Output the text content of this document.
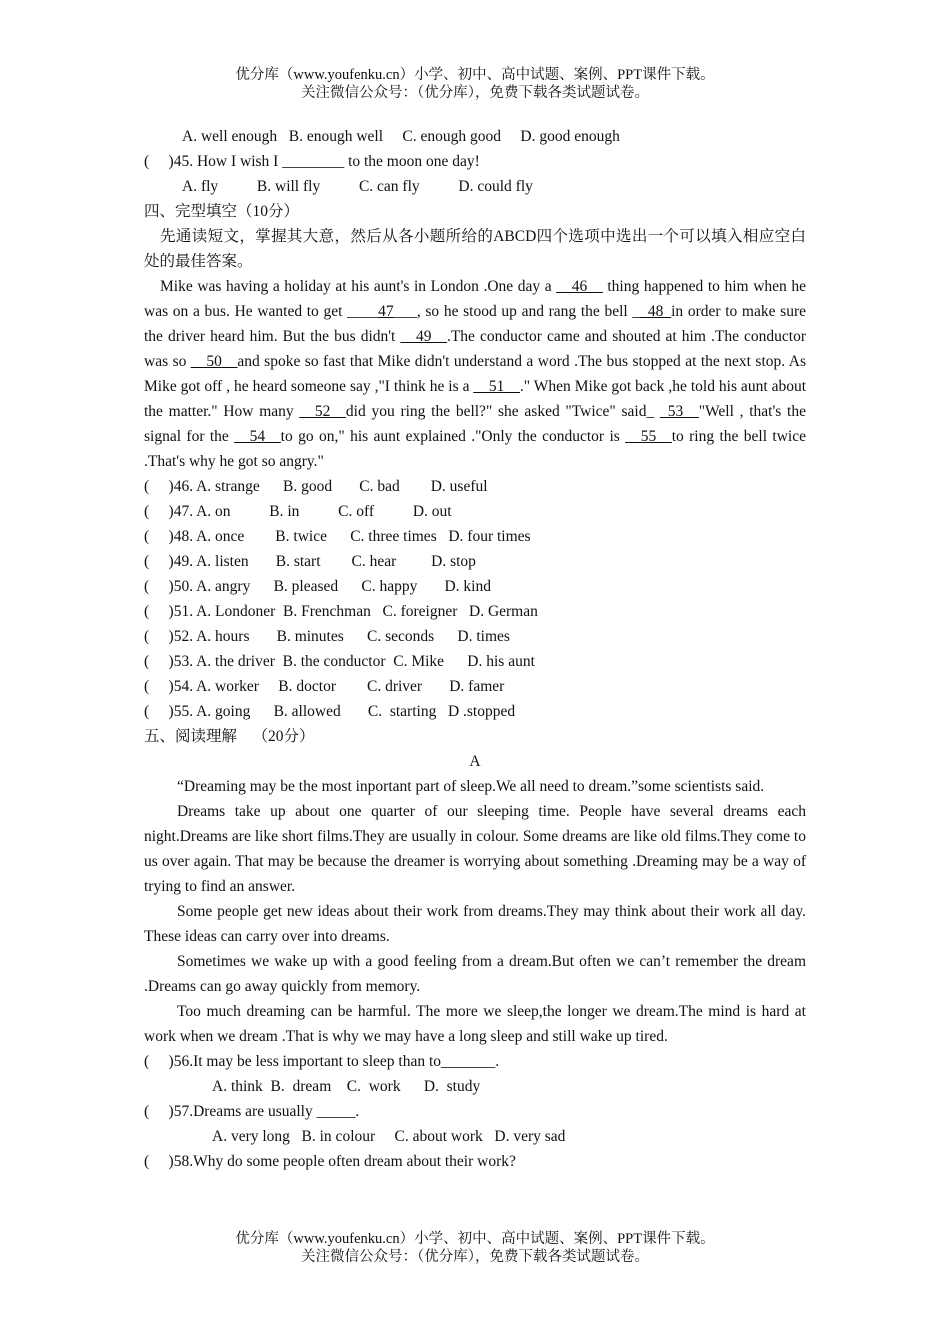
优分库（www.youfenku.cn）小学、初中、高中试题、案例、PPT课件下载。
关注微信公众号：（优分库），免费下载各类试题试卷。
A. well enough   B. enough well     C. enough good     D. good enough
(     )45. How I wish I ________ to the moon one day!
A. fly          B. will fly          C. can fly          D. could fly
四、完型填空（10分）
先通读短文，掌握其大意，然后从各小题所给的ABCD四个选项中选出一个可以填入相应空白处的最佳答案。
Mike was having a holiday at his aunt's in London .One day a __46__ thing happened to him when he was on a bus. He wanted to get ____47___, so he stood up and rang the bell __48_in order to make sure the driver heard him. But the bus didn't __49__.The conductor came and shouted at him .The conductor was so __50__and spoke so fast that Mike didn't understand a word .The bus stopped at the next stop. As Mike got off , he heard someone say ,"I think he is a __51__." When Mike got back ,he told his aunt about the matter." How many __52__did you ring the bell?" she asked "Twice" said_ _53__"Well , that's the signal for the __54__to go on," his aunt explained ."Only the conductor is __55__to ring the bell twice .That's why he got so angry."
(     )46. A. strange      B. good       C. bad        D. useful
(     )47. A. on          B. in          C. off          D. out
(     )48. A. once        B. twice      C. three times   D. four times
(     )49. A. listen       B. start        C. hear         D. stop
(     )50. A. angry      B. pleased      C. happy       D. kind
(     )51. A. Londoner  B. Frenchman   C. foreigner   D. German
(     )52. A. hours       B. minutes      C. seconds      D. times
(     )53. A. the driver  B. the conductor  C. Mike      D. his aunt
(     )54. A. worker     B. doctor        C. driver       D. famer
(     )55. A. going      B. allowed       C.  starting   D .stopped
五、阅读理解    （20分）
A
“Dreaming may be the most inportant part of sleep.We all need to dream.”some scientists said.
Dreams take up about one quarter of our sleeping time. People have several dreams each night.Dreams are like short films.They are usually in colour. Some dreams are like old films.They come to us over again. That may be because the dreamer is worrying about something .Dreaming may be a way of trying to find an answer.
Some people get new ideas about their work from dreams.They may think about their work all day. These ideas can carry over into dreams.
Sometimes we wake up with a good feeling from a dream.But often we can’t remember the dream .Dreams can go away quickly from memory.
Too much dreaming can be harmful. The more we sleep,the longer we dream.The mind is hard at work when we dream .That is why we may have a long sleep and still wake up tired.
(     )56.It may be less important to sleep than to_______.
A. think  B.  dream    C.  work      D.  study
(     )57.Dreams are usually _____.
A. very long   B. in colour     C. about work   D. very sad
(     )58.Why do some people often dream about their work?
优分库（www.youfenku.cn）小学、初中、高中试题、案例、PPT课件下载。
关注微信公众号：（优分库），免费下载各类试题试卷。
